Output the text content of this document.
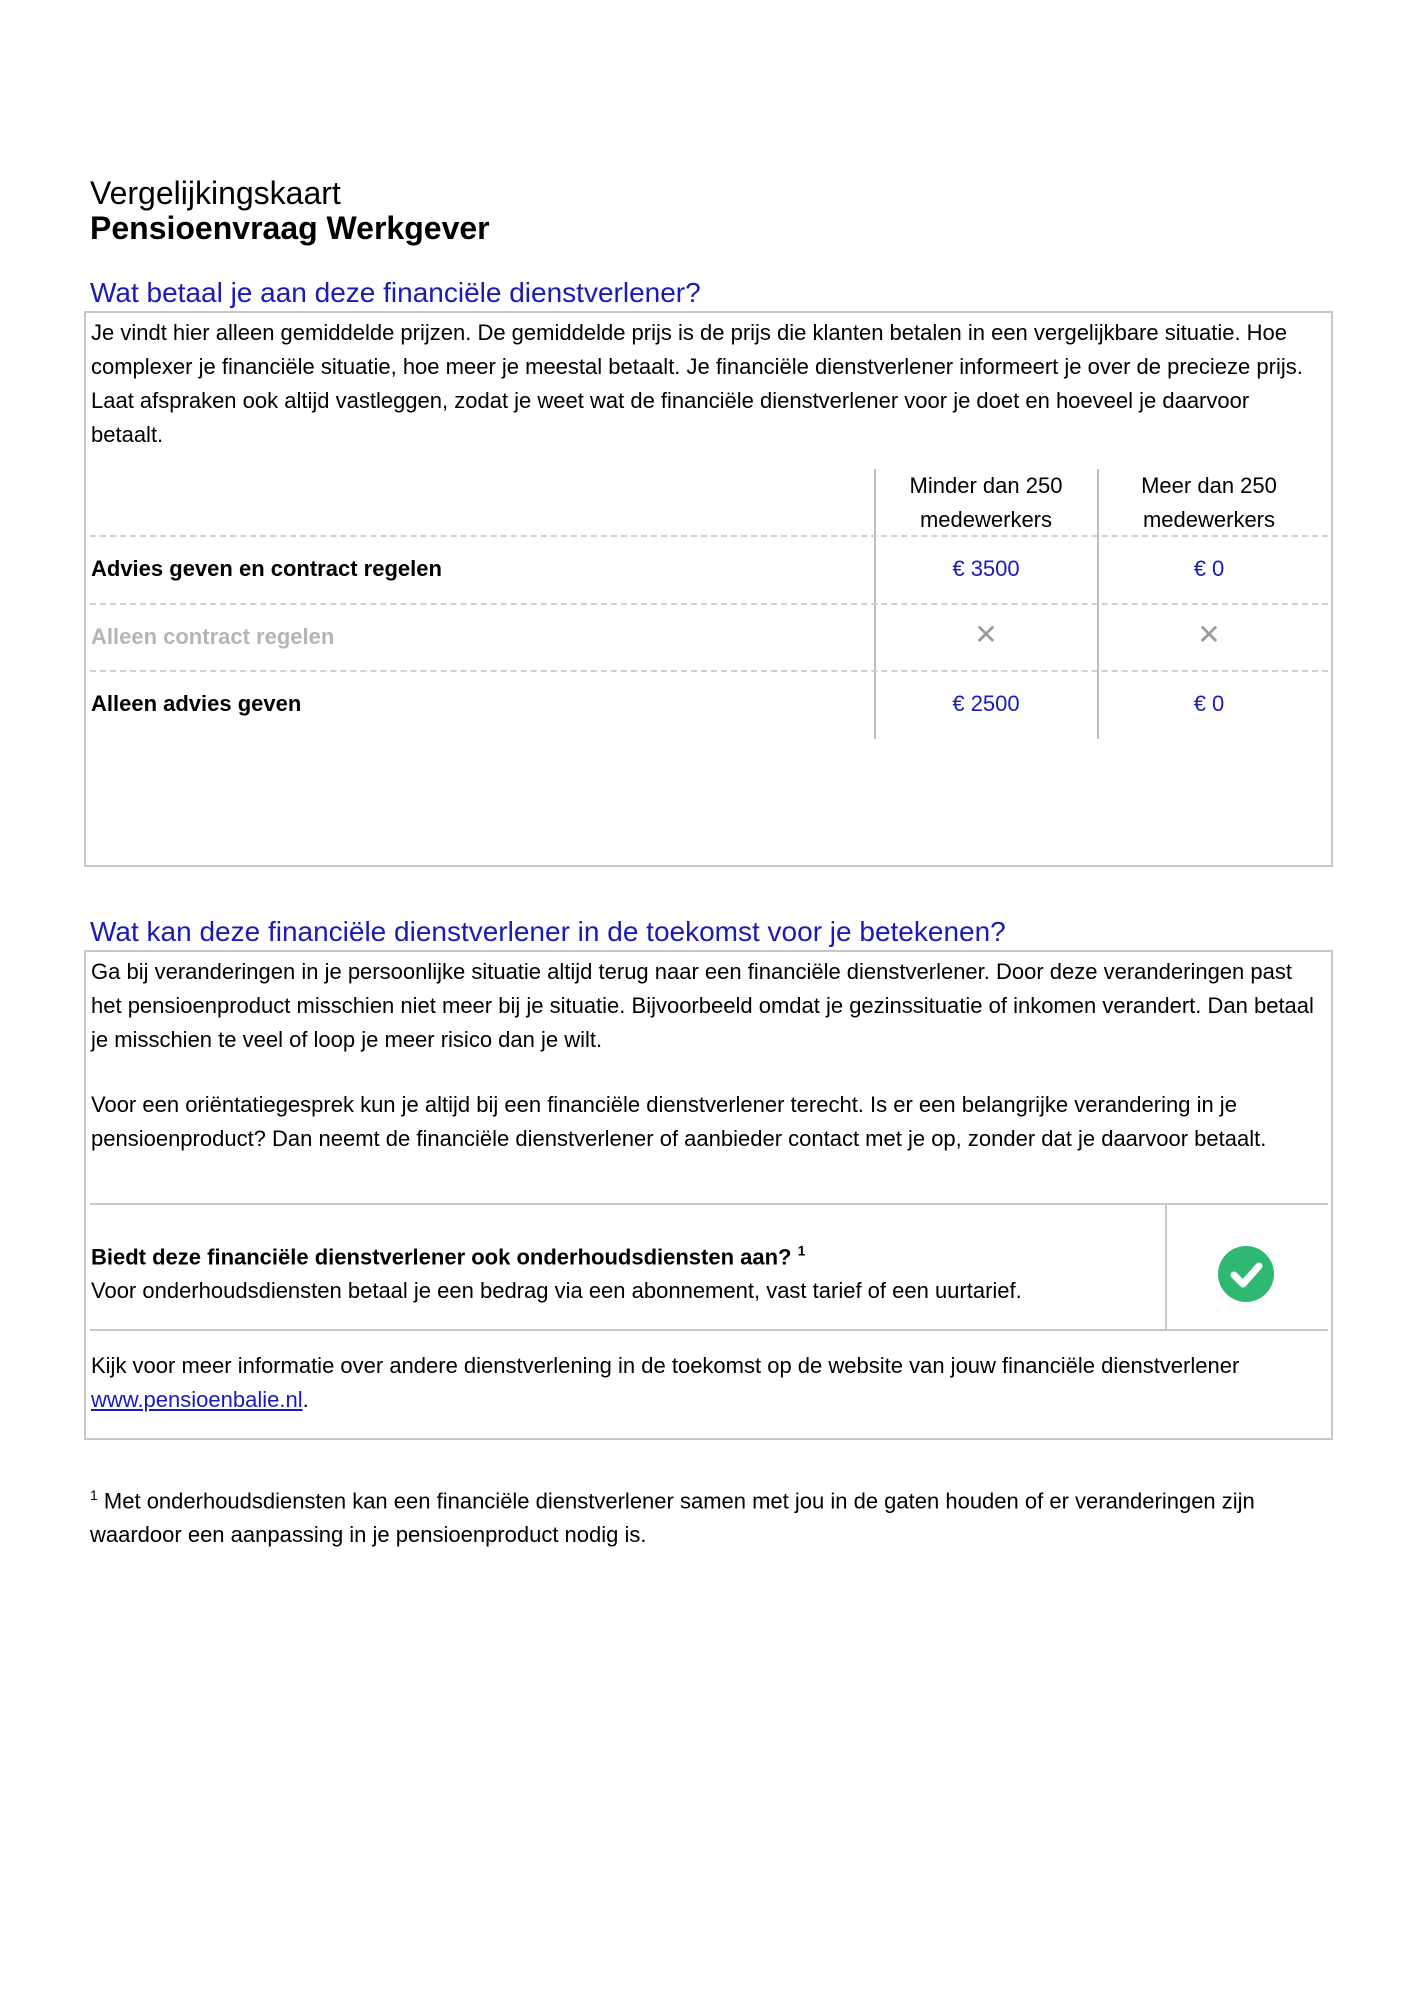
Vergelijkingskaart
Pensioenvraag Werkgever
Wat betaal je aan deze financiële dienstverlener?
Je vindt hier alleen gemiddelde prijzen. De gemiddelde prijs is de prijs die klanten betalen in een vergelijkbare situatie. Hoe complexer je financiële situatie, hoe meer je meestal betaalt. Je financiële dienstverlener informeert je over de precieze prijs. Laat afspraken ook altijd vastleggen, zodat je weet wat de financiële dienstverlener voor je doet en hoeveel je daarvoor betaalt.
Minder dan 250 medewerkers
Meer dan 250 medewerkers
Advies geven en contract regelen	€ 3500	€ 0
Alleen contract regelen	✕	✕
Alleen advies geven	€ 2500	€ 0
Wat kan deze financiële dienstverlener in de toekomst voor je betekenen?
Ga bij veranderingen in je persoonlijke situatie altijd terug naar een financiële dienstverlener. Door deze veranderingen past het pensioenproduct misschien niet meer bij je situatie. Bijvoorbeeld omdat je gezinssituatie of inkomen verandert. Dan betaal je misschien te veel of loop je meer risico dan je wilt.
Voor een oriëntatiegesprek kun je altijd bij een financiële dienstverlener terecht. Is er een belangrijke verandering in je pensioenproduct? Dan neemt de financiële dienstverlener of aanbieder contact met je op, zonder dat je daarvoor betaalt.
Biedt deze financiële dienstverlener ook onderhoudsdiensten aan? $^1$
Voor onderhoudsdiensten betaal je een bedrag via een abonnement, vast tarief of een uurtarief.
Kijk voor meer informatie over andere dienstverlening in de toekomst op de website van jouw financiële dienstverlener www.pensioenbalie.nl.
$^1$ Met onderhoudsdiensten kan een financiële dienstverlener samen met jou in de gaten houden of er veranderingen zijn waardoor een aanpassing in je pensioenproduct nodig is.
